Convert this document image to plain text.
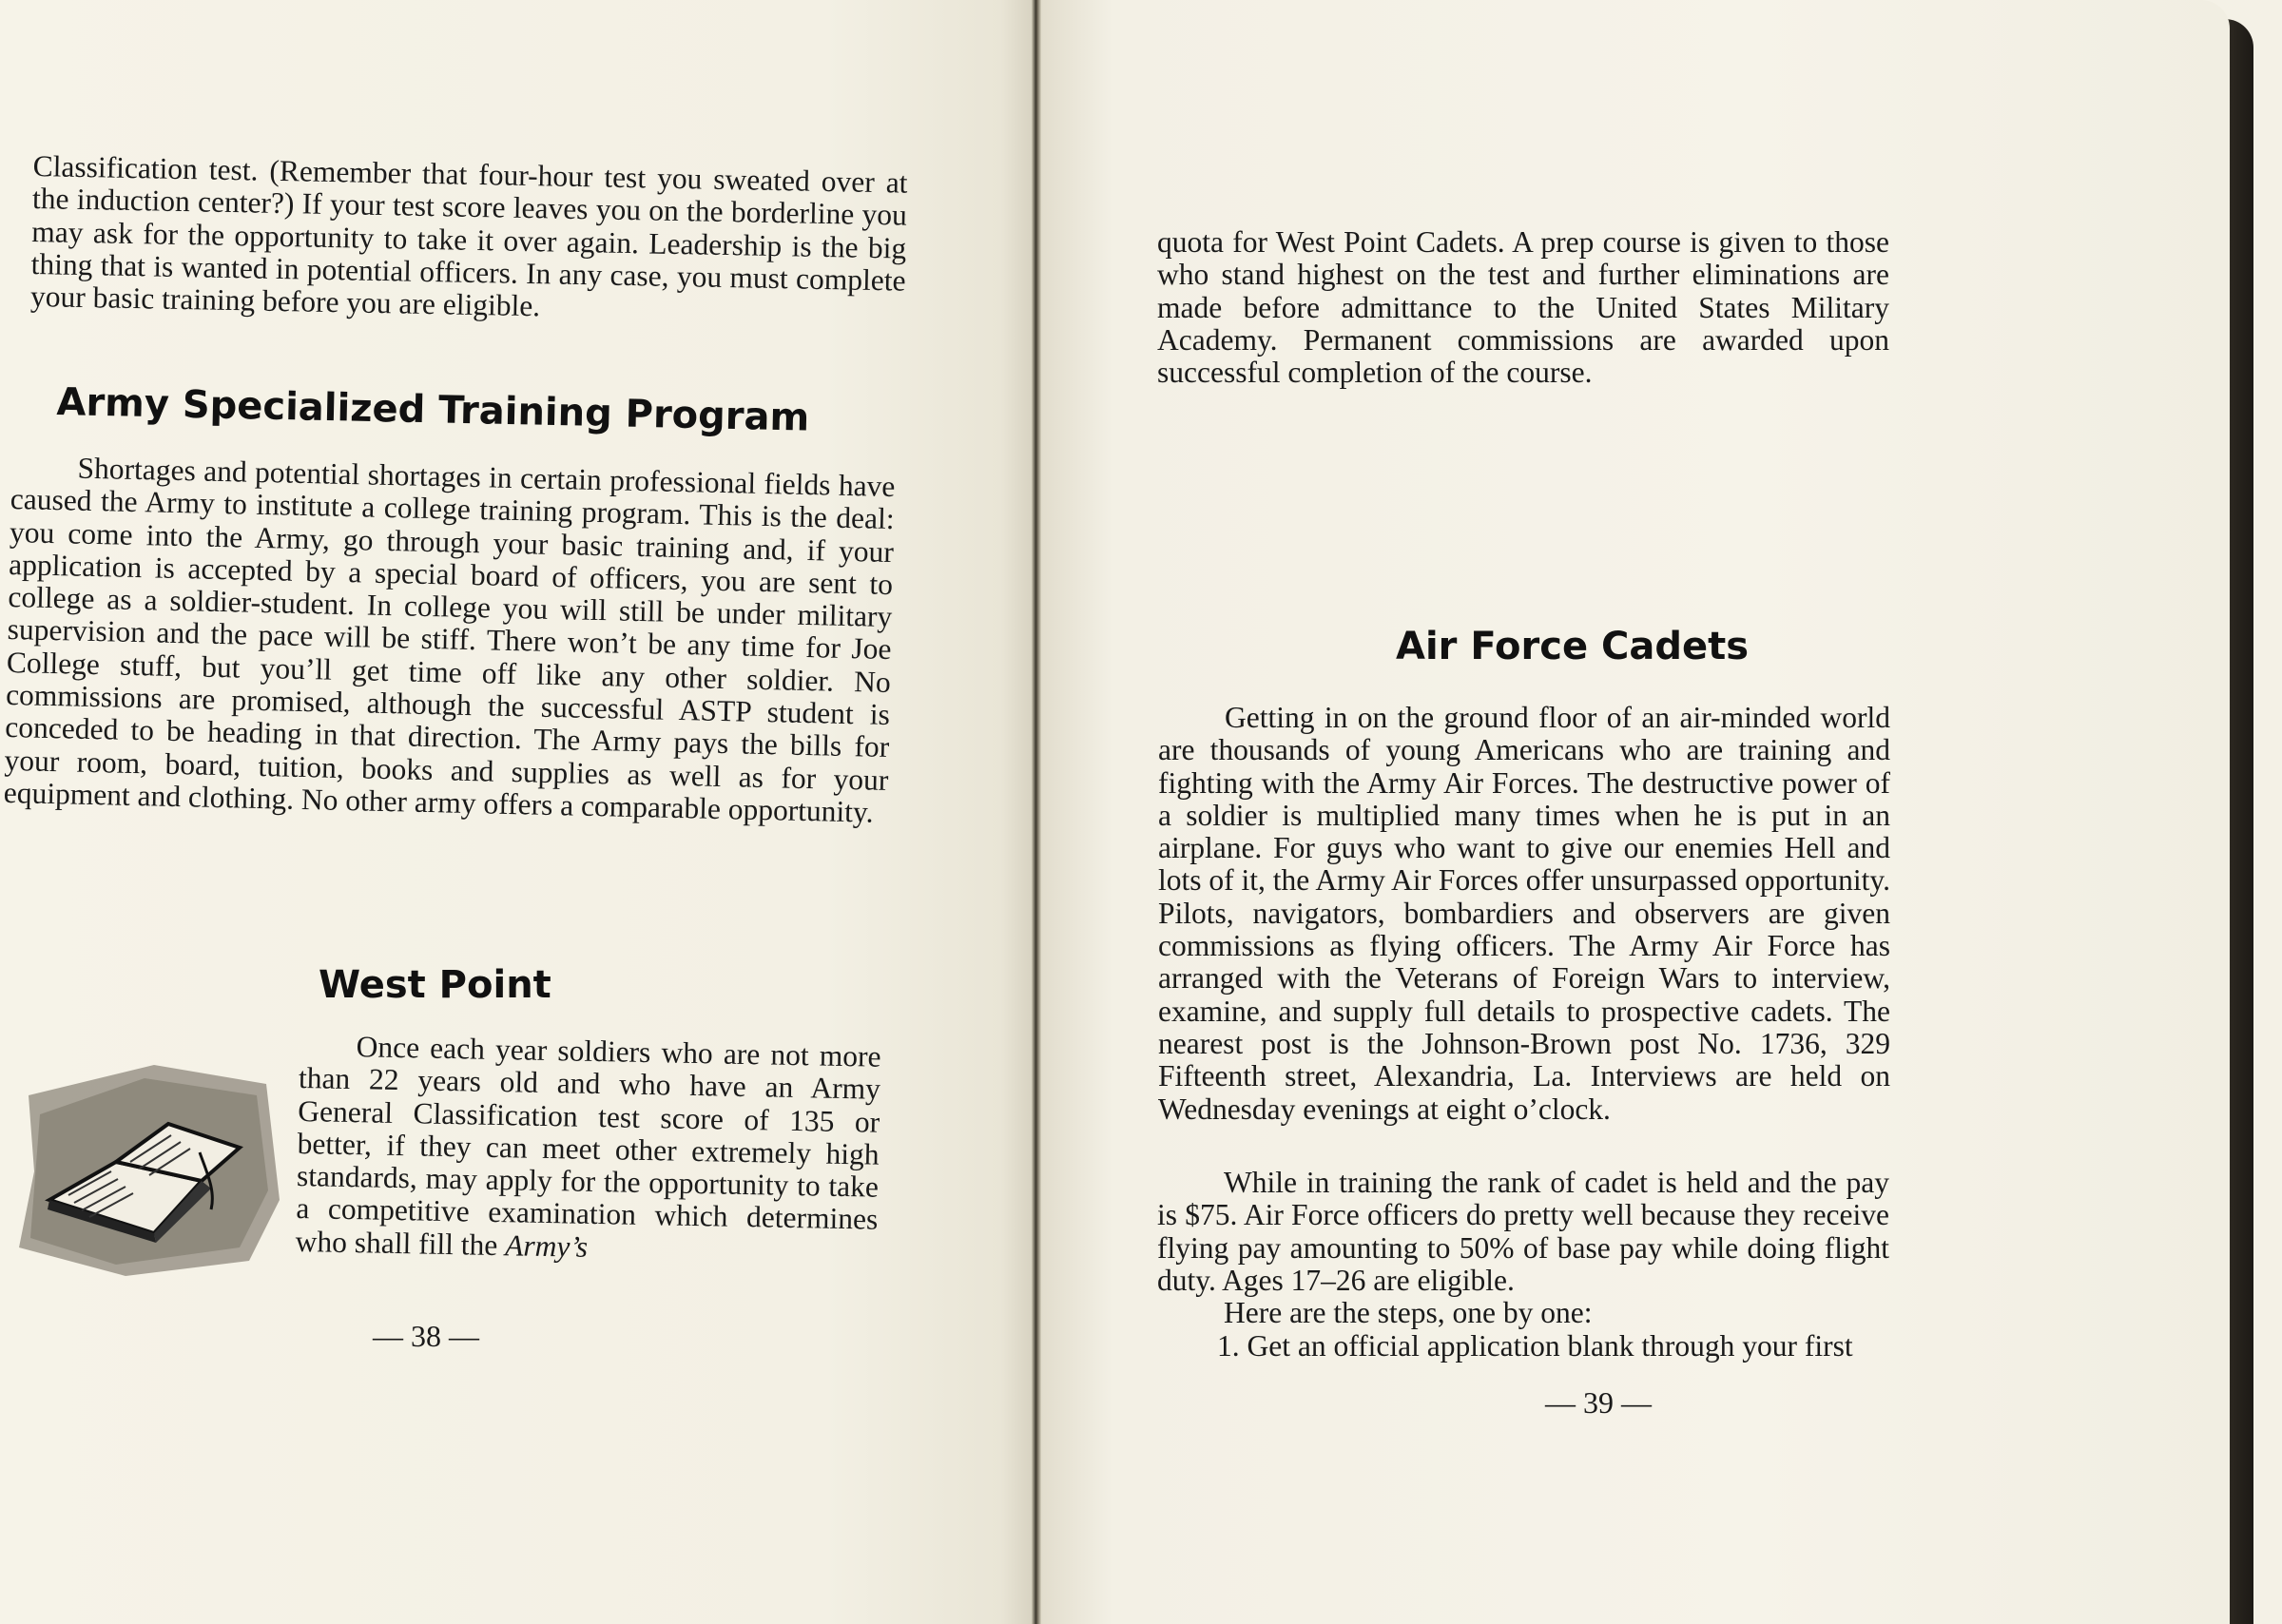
Classification test. (Remember that four-hour test you sweated over at the induction center?) If your test score leaves you on the borderline you may ask for the opportunity to take it over again. Leadership is the big thing that is wanted in potential officers. In any case, you must complete your basic training before you are eligible.

Army Specialized Training Program

Shortages and potential shortages in certain professional fields have caused the Army to institute a college training program. This is the deal: you come into the Army, go through your basic training and, if your application is accepted by a special board of officers, you are sent to college as a soldier-student. In college you will still be under military supervision and the pace will be stiff. There won’t be any time for Joe College stuff, but you’ll get time off like any other soldier. No commissions are promised, although the successful ASTP student is conceded to be heading in that direction. The Army pays the bills for your room, board, tuition, books and supplies as well as for your equipment and clothing. No other army offers a comparable opportunity.

West Point

Once each year soldiers who are not more than 22 years old and who have an Army General Classification test score of 135 or better, if they can meet other extremely high standards, may apply for the opportunity to take a competitive examination which determines who shall fill the Army’s

— 38 —

quota for West Point Cadets. A prep course is given to those who stand highest on the test and further eliminations are made before admittance to the United States Military Academy. Permanent commissions are awarded upon successful completion of the course.

Air Force Cadets

Getting in on the ground floor of an air-minded world are thousands of young Americans who are training and fighting with the Army Air Forces. The destructive power of a soldier is multiplied many times when he is put in an airplane. For guys who want to give our enemies Hell and lots of it, the Army Air Forces offer unsurpassed opportunity. Pilots, navigators, bombardiers and observers are given commissions as flying officers. The Army Air Force has arranged with the Veterans of Foreign Wars to interview, examine, and supply full details to prospective cadets. The nearest post is the Johnson-Brown post No. 1736, 329 Fifteenth street, Alexandria, La. Interviews are held on Wednesday evenings at eight o’clock.

While in training the rank of cadet is held and the pay is $75. Air Force officers do pretty well because they receive flying pay amounting to 50% of base pay while doing flight duty. Ages 17–26 are eligible.

Here are the steps, one by one:

1. Get an official application blank through your first

— 39 —
